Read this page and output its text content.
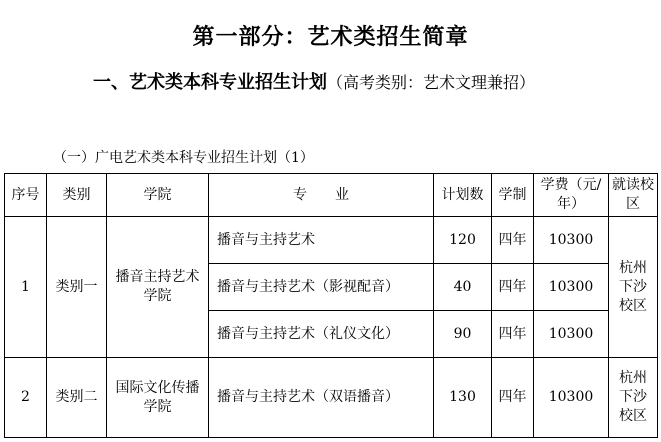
第一部分：艺术类招生简章
一、艺术类本科专业招生计划（高考类别：艺术文理兼招）
（一）广电艺术类本科专业招生计划（1）
序号	类别	学院	专　　业	计划数	学制	学费（元/年）	就读校区
1	类别一	播音主持艺术学院	播音与主持艺术	120	四年	10300	杭州下沙校区
			播音与主持艺术（影视配音）	40	四年	10300	
			播音与主持艺术（礼仪文化）	90	四年	10300	
2	类别二	国际文化传播学院	播音与主持艺术（双语播音）	130	四年	10300	杭州下沙校区
